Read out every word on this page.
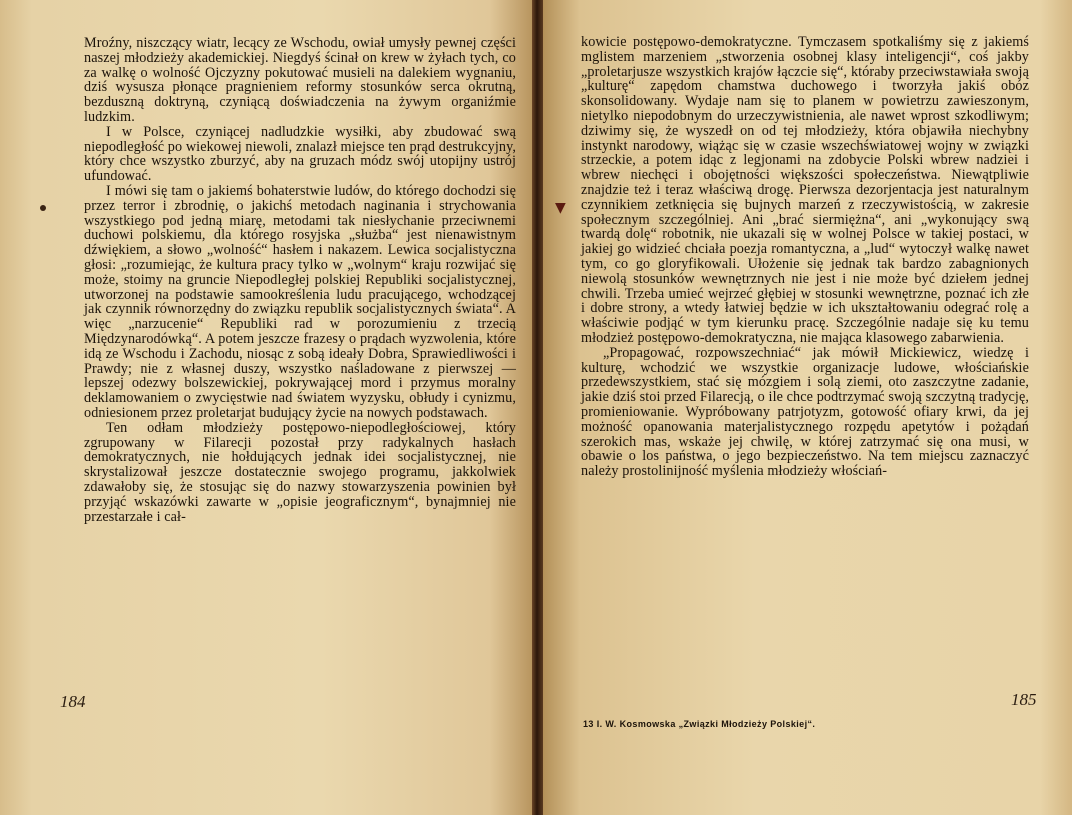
Mroźny, niszczący wiatr, lecący ze Wschodu, owiał umysły pewnej części naszej młodzieży akademickiej. Niegdyś ścinał on krew w żyłach tych, co za walkę o wolność Ojczyzny pokutować musieli na dalekiem wygnaniu, dziś wysusza płonące pragnieniem reformy stosunków serca okrutną, bezduszną doktryną, czyniącą doświadczenia na żywym organiźmie ludzkim.

I w Polsce, czyniącej nadludzkie wysiłki, aby zbudować swą niepodległość po wiekowej niewoli, znalazł miejsce ten prąd destrukcyjny, który chce wszystko zburzyć, aby na gruzach módz swój utopijny ustrój ufundować.

I mówi się tam o jakiemś bohaterstwie ludów, do którego dochodzi się przez terror i zbrodnię, o jakichś metodach naginania i strychowania wszystkiego pod jedną miarę, metodami tak niesłychanie przeciwnemi duchowi polskiemu, dla którego rosyjska „służba“ jest nienawistnym dźwiękiem, a słowo „wolność“ hasłem i nakazem. Lewica socjalistyczna głosi: „rozumiejąc, że kultura pracy tylko w „wolnym“ kraju rozwijać się może, stoimy na gruncie Niepodległej polskiej Republiki socjalistycznej, utworzonej na podstawie samookreślenia ludu pracującego, wchodzącej jak czynnik równorzędny do związku republik socjalistycznych świata“. A więc „narzucenie“ Republiki rad w porozumieniu z trzecią Międzynarodówką“. A potem jeszcze frazesy o prądach wyzwolenia, które idą ze Wschodu i Zachodu, niosąc z sobą ideały Dobra, Sprawiedliwości i Prawdy; nie z własnej duszy, wszystko naśladowane z pierwszej — lepszej odezwy bolszewickiej, pokrywającej mord i przymus moralny deklamowaniem o zwycięstwie nad światem wyzysku, obłudy i cynizmu, odniesionem przez proletarjat budujący życie na nowych podstawach.

Ten odłam młodzieży postępowo-niepodległościowej, który zgrupowany w Filarecji pozostał przy radykalnych hasłach demokratycznych, nie hołdujących jednak idei socjalistycznej, nie skrystalizował jeszcze dostatecznie swojego programu, jakkolwiek zdawałoby się, że stosując się do nazwy stowarzyszenia powinien był przyjąć wskazówki zawarte w „opisie jeograficznym“, bynajmniej nie przestarzałe i cał-

184
▼

kowicie postępowo-demokratyczne. Tymczasem spotkaliśmy się z jakiemś mglistem marzeniem „stworzenia osobnej klasy inteligencji“, coś jakby „proletarjusze wszystkich krajów łączcie się“, któraby przeciwstawiała swoją „kulturę“ zapędom chamstwa duchowego i tworzyła jakiś obóz skonsolidowany. Wydaje nam się to planem w powietrzu zawieszonym, nietylko niepodobnym do urzeczywistnienia, ale nawet wprost szkodliwym; dziwimy się, że wyszedł on od tej młodzieży, która objawiła niechybny instynkt narodowy, wiążąc się w czasie wszechświatowej wojny w związki strzeckie, a potem idąc z legjonami na zdobycie Polski wbrew nadziei i wbrew niechęci i obojętności większości społeczeństwa. Niewątpliwie znajdzie też i teraz właściwą drogę. Pierwsza dezorjentacja jest naturalnym czynnikiem zetknięcia się bujnych marzeń z rzeczywistością, w zakresie społecznym szczególniej. Ani „brać siermiężna“, ani „wykonujący swą twardą dolę“ robotnik, nie ukazali się w wolnej Polsce w takiej postaci, w jakiej go widzieć chciała poezja romantyczna, a „lud“ wytoczył walkę nawet tym, co go gloryfikowali. Ułożenie się jednak tak bardzo zabagnionych niewolą stosunków wewnętrznych nie jest i nie może być dziełem jednej chwili. Trzeba umieć wejrzeć głębiej w stosunki wewnętrzne, poznać ich złe i dobre strony, a wtedy łatwiej będzie w ich ukształtowaniu odegrać rolę a właściwie podjąć w tym kierunku pracę. Szczególnie nadaje się ku temu młodzież postępowo-demokratyczna, nie mająca klasowego zabarwienia.

„Propagować, rozpowszechniać“ jak mówił Mickiewicz, wiedzę i kulturę, wchodzić we wszystkie organizacje ludowe, włościańskie przedewszystkiem, stać się mózgiem i solą ziemi, oto zaszczytne zadanie, jakie dziś stoi przed Filarecją, o ile chce podtrzymać swoją szczytną tradycję, promieniowanie. Wypróbowany patrjotyzm, gotowość ofiary krwi, da jej możność opanowania materjalistycznego rozpędu apetytów i pożądań szerokich mas, wskaże jej chwilę, w której zatrzymać się ona musi, w obawie o los państwa, o jego bezpieczeństwo. Na tem miejscu zaznaczyć należy prostolinijność myślenia młodzieży włościań-

185
13 I. W. Kosmowska „Związki Młodzieży Polskiej“.
